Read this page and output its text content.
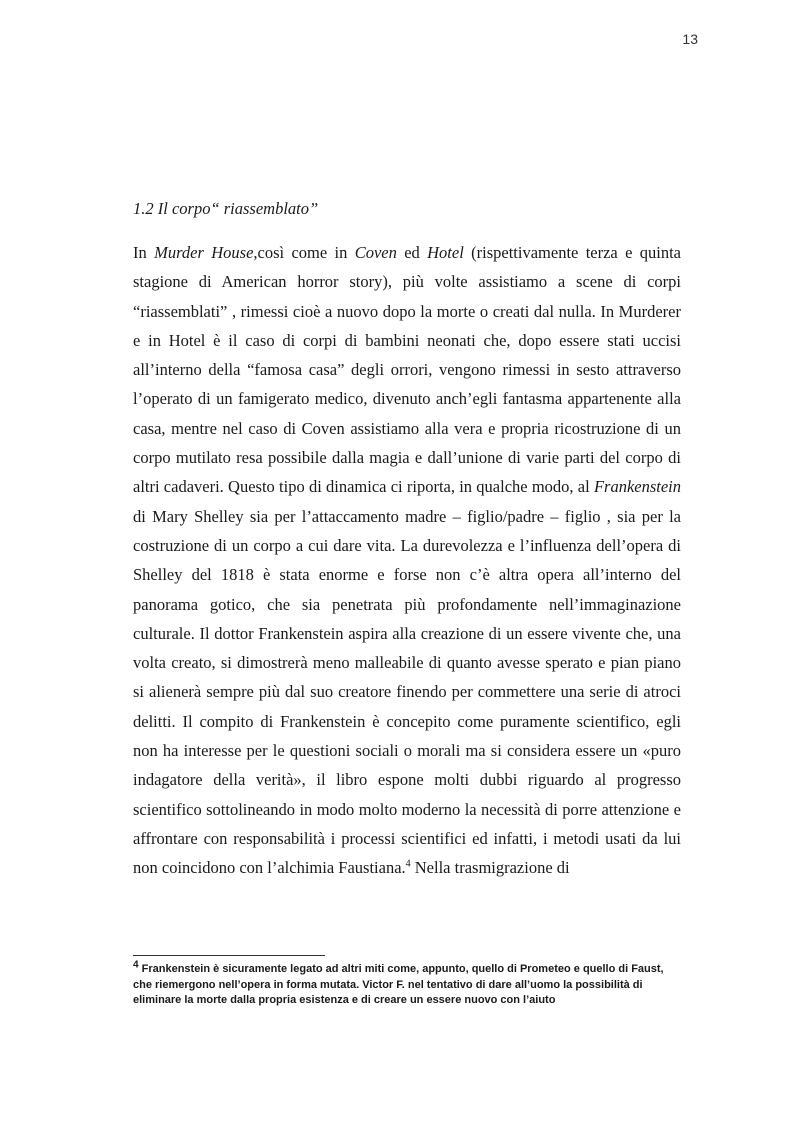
13
1.2 Il corpo“ riassemblato”

In Murder House,così come in Coven ed Hotel (rispettivamente terza e quinta stagione di American horror story), più volte assistiamo a scene di corpi “riassemblati” , rimessi cioè a nuovo dopo la morte o creati dal nulla. In Murderer e in Hotel è il caso di corpi di bambini neonati che, dopo essere stati uccisi all’interno della “famosa casa” degli orrori, vengono rimessi in sesto attraverso l’operato di un famigerato medico, divenuto anch’egli fantasma appartenente alla casa, mentre nel caso di Coven assistiamo alla vera e propria ricostruzione di un corpo mutilato resa possibile dalla magia e dall’unione di varie parti del corpo di altri cadaveri. Questo tipo di dinamica ci riporta, in qualche modo, al Frankenstein di Mary Shelley sia per l’attaccamento madre – figlio/padre – figlio , sia per la costruzione di un corpo a cui dare vita. La durevolezza e l’influenza dell’opera di Shelley del 1818 è stata enorme e forse non c’è altra opera all’interno del panorama gotico, che sia penetrata più profondamente nell’immaginazione culturale. Il dottor Frankenstein aspira alla creazione di un essere vivente che, una volta creato, si dimostrerà meno malleabile di quanto avesse sperato e pian piano si alienerà sempre più dal suo creatore finendo per commettere una serie di atroci delitti. Il compito di Frankenstein è concepito come puramente scientifico, egli non ha interesse per le questioni sociali o morali ma si considera essere un «puro indagatore della verità», il libro espone molti dubbi riguardo al progresso scientifico sottolineando in modo molto moderno la necessità di porre attenzione e affrontare con responsabilità i processi scientifici ed infatti, i metodi usati da lui non coincidono con l’alchimia Faustiana.$^4$ Nella trasmigrazione di

$^4$ Frankenstein è sicuramente legato ad altri miti come, appunto, quello di Prometeo e quello di Faust, che riemergono nell’opera in forma mutata. Victor F. nel tentativo di dare all’uomo la possibilità di eliminare la morte dalla propria esistenza e di creare un essere nuovo con l’aiuto
